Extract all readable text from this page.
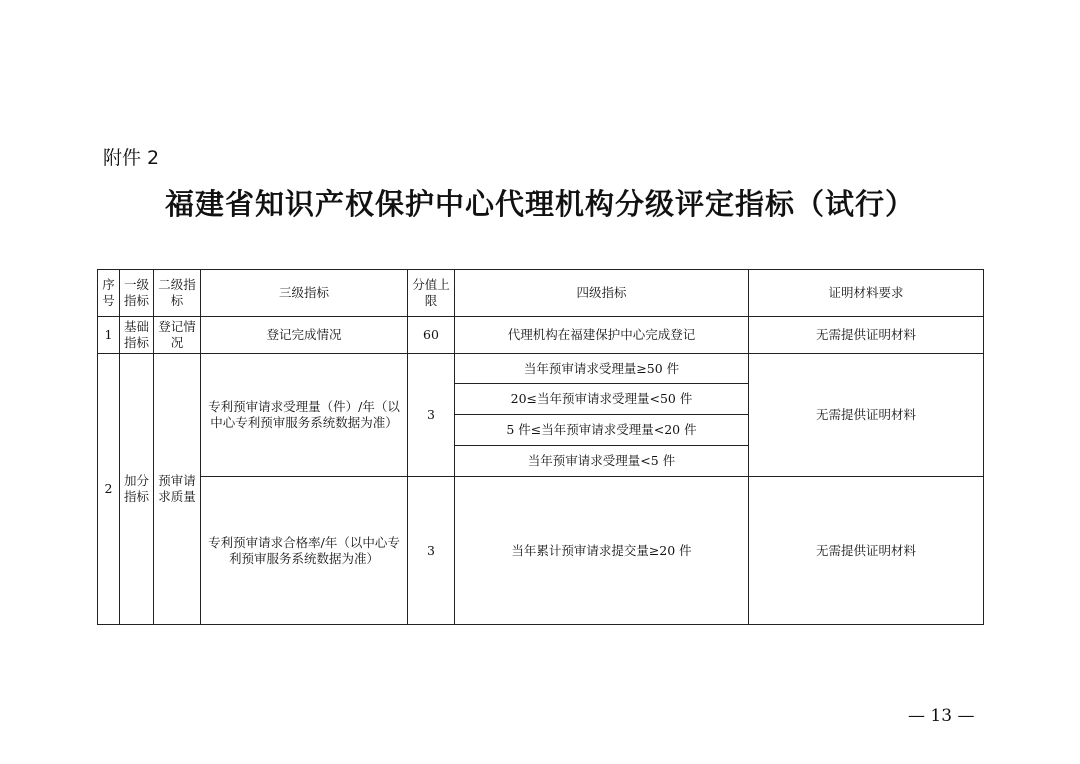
附件 2
福建省知识产权保护中心代理机构分级评定指标（试行）
序号	一级指标	二级指标	三级指标	分值上限	四级指标	证明材料要求
1	基础指标	登记情况	登记完成情况	60	代理机构在福建保护中心完成登记	无需提供证明材料
2	加分指标	预审请求质量	专利预审请求受理量（件）/年（以中心专利预审服务系统数据为准）	3	当年预审请求受理量≥50 件	无需提供证明材料
					20≤当年预审请求受理量<50 件	
					5 件≤当年预审请求受理量<20 件	
					当年预审请求受理量<5 件	
			专利预审请求合格率/年（以中心专利预审服务系统数据为准）	3	当年累计预审请求提交量≥20 件	无需提供证明材料
— 13 —
